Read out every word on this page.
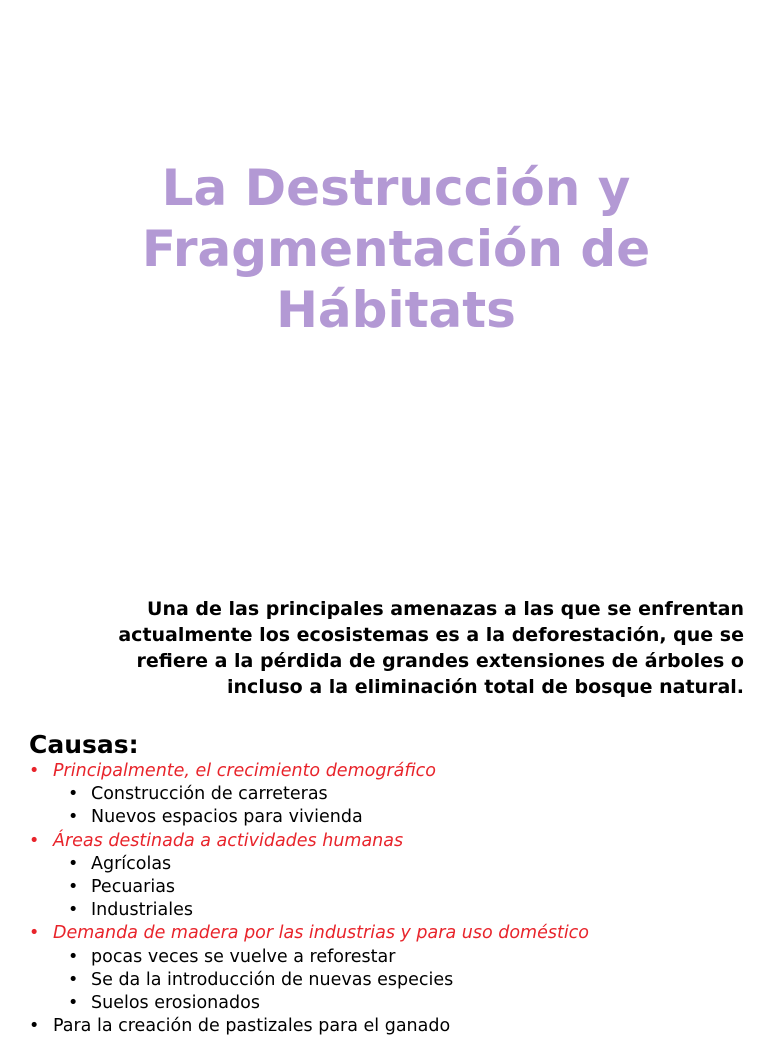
La Destrucción y
Fragmentación de
Hábitats
Una de las principales amenazas a las que se enfrentan
actualmente los ecosistemas es a la deforestación, que se
refiere a la pérdida de grandes extensiones de árboles o
incluso a la eliminación total de bosque natural.
Causas:
• Principalmente, el crecimiento demográfico
• Construcción de carreteras
• Nuevos espacios para vivienda
• Áreas destinada a actividades humanas
• Agrícolas
• Pecuarias
• Industriales
• Demanda de madera por las industrias y para uso doméstico
• pocas veces se vuelve a reforestar
• Se da la introducción de nuevas especies
• Suelos erosionados
• Para la creación de pastizales para el ganado
